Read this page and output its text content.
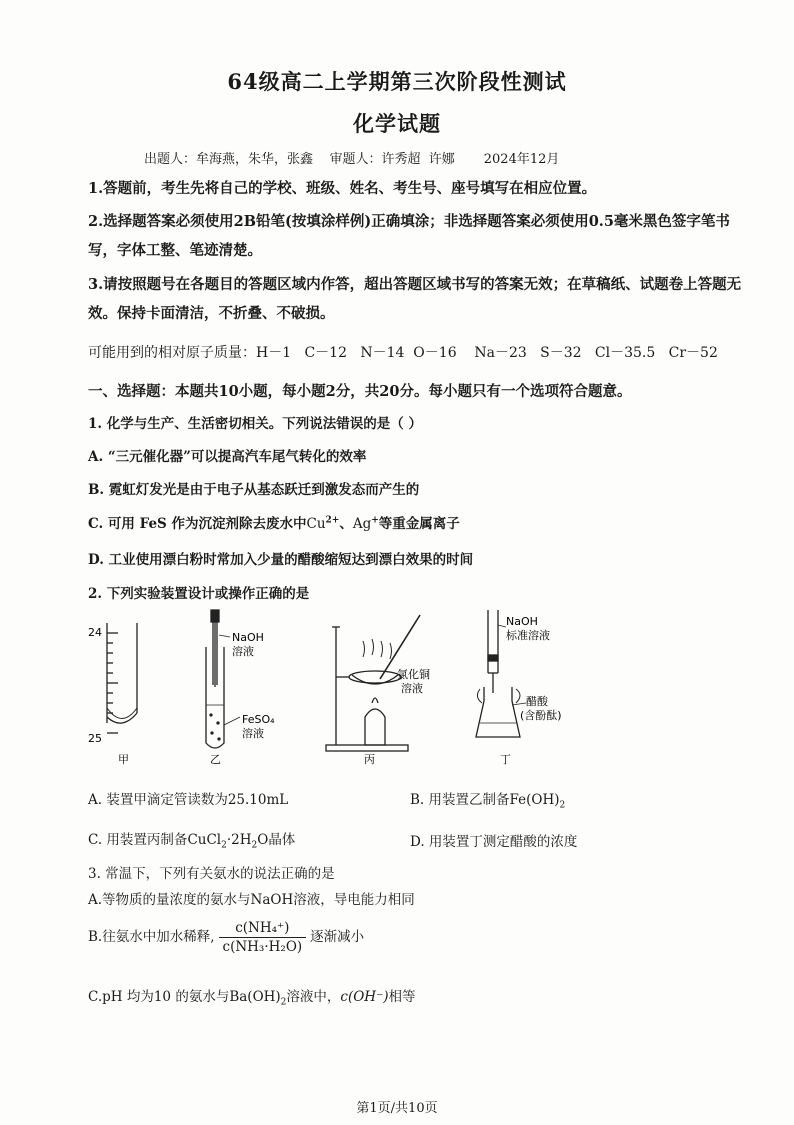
64级高二上学期第三次阶段性测试
化学试题
出题人：牟海燕，朱华，张鑫 审题人：许秀超  许娜 2024年12月
1.答题前，考生先将自己的学校、班级、姓名、考生号、座号填写在相应位置。
2.选择题答案必须使用2B铅笔(按填涂样例)正确填涂；非选择题答案必须使用0.5毫米黑色签字笔书写，字体工整、笔迹清楚。
3.请按照题号在各题目的答题区域内作答，超出答题区域书写的答案无效；在草稿纸、试题卷上答题无效。保持卡面清洁，不折叠、不破损。
可能用到的相对原子质量：H－1   C－12   N－14  O－16    Na－23   S－32   Cl－35.5   Cr－52
一、选择题：本题共10小题，每小题2分，共20分。每小题只有一个选项符合题意。
1. 化学与生产、生活密切相关。下列说法错误的是（ ）
A. “三元催化器”可以提高汽车尾气转化的效率
B. 霓虹灯发光是由于电子从基态跃迁到激发态而产生的
C. 可用 FeS 作为沉淀剂除去废水中$Cu^{2+}$、Ag+等重金属离子
D. 工业使用漂白粉时常加入少量的醋酸缩短达到漂白效果的时间
2. 下列实验装置设计或操作正确的是
24
25
甲
NaOH
溶液
FeSO₄
溶液
乙
氯化铜
溶液
丙
NaOH
标准溶液
醋酸
(含酚酞)
丁
A. 装置甲滴定管读数为25.10mL	B. 用装置乙制备$Fe(OH)_2$
C. 用装置丙制备$CuCl_2\cdot 2H_2O$晶体	D. 用装置丁测定醋酸的浓度
3. 常温下，下列有关氨水的说法正确的是
A.等物质的量浓度的氨水与NaOH溶液，导电能力相同
B.往氨水中加水稀释, $\frac{\text{c(NH₄⁺)}}{\text{c(NH₃·H₂O)}}$ 逐渐减小
C.pH 均为10 的氨水与$Ba(OH)_2$溶液中，c(OH⁻)相等
第1页/共10页
